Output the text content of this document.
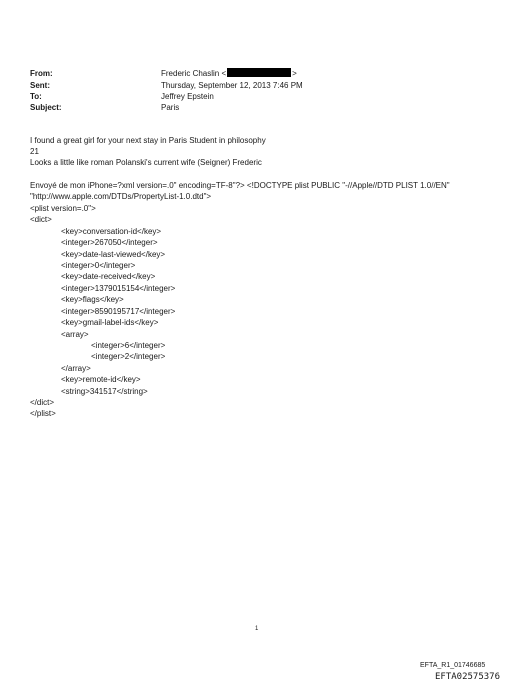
From:	Frederic Chaslin <	>
Sent:	Thursday, September 12, 2013 7:46 PM
To:	Jeffrey Epstein
Subject:	Paris
I found a great girl for your next stay in Paris Student in philosophy
21
Looks a little like roman Polanski's current wife (Seigner) Frederic
Envoyé de mon iPhone=?xml version=.0" encoding=TF-8"?> <!DOCTYPE plist PUBLIC "-//Apple//DTD PLIST 1.0//EN"
"http://www.apple.com/DTDs/PropertyList-1.0.dtd">
<plist version=.0">
<dict>
<key>conversation-id</key>
<integer>267050</integer>
<key>date-last-viewed</key>
<integer>0</integer>
<key>date-received</key>
<integer>1379015154</integer>
<key>flags</key>
<integer>8590195717</integer>
<key>gmail-label-ids</key>
<array>
<integer>6</integer>
<integer>2</integer>
</array>
<key>remote-id</key>
<string>341517</string>
</dict>
</plist>
1
EFTA_R1_01746685
EFTA02575376
